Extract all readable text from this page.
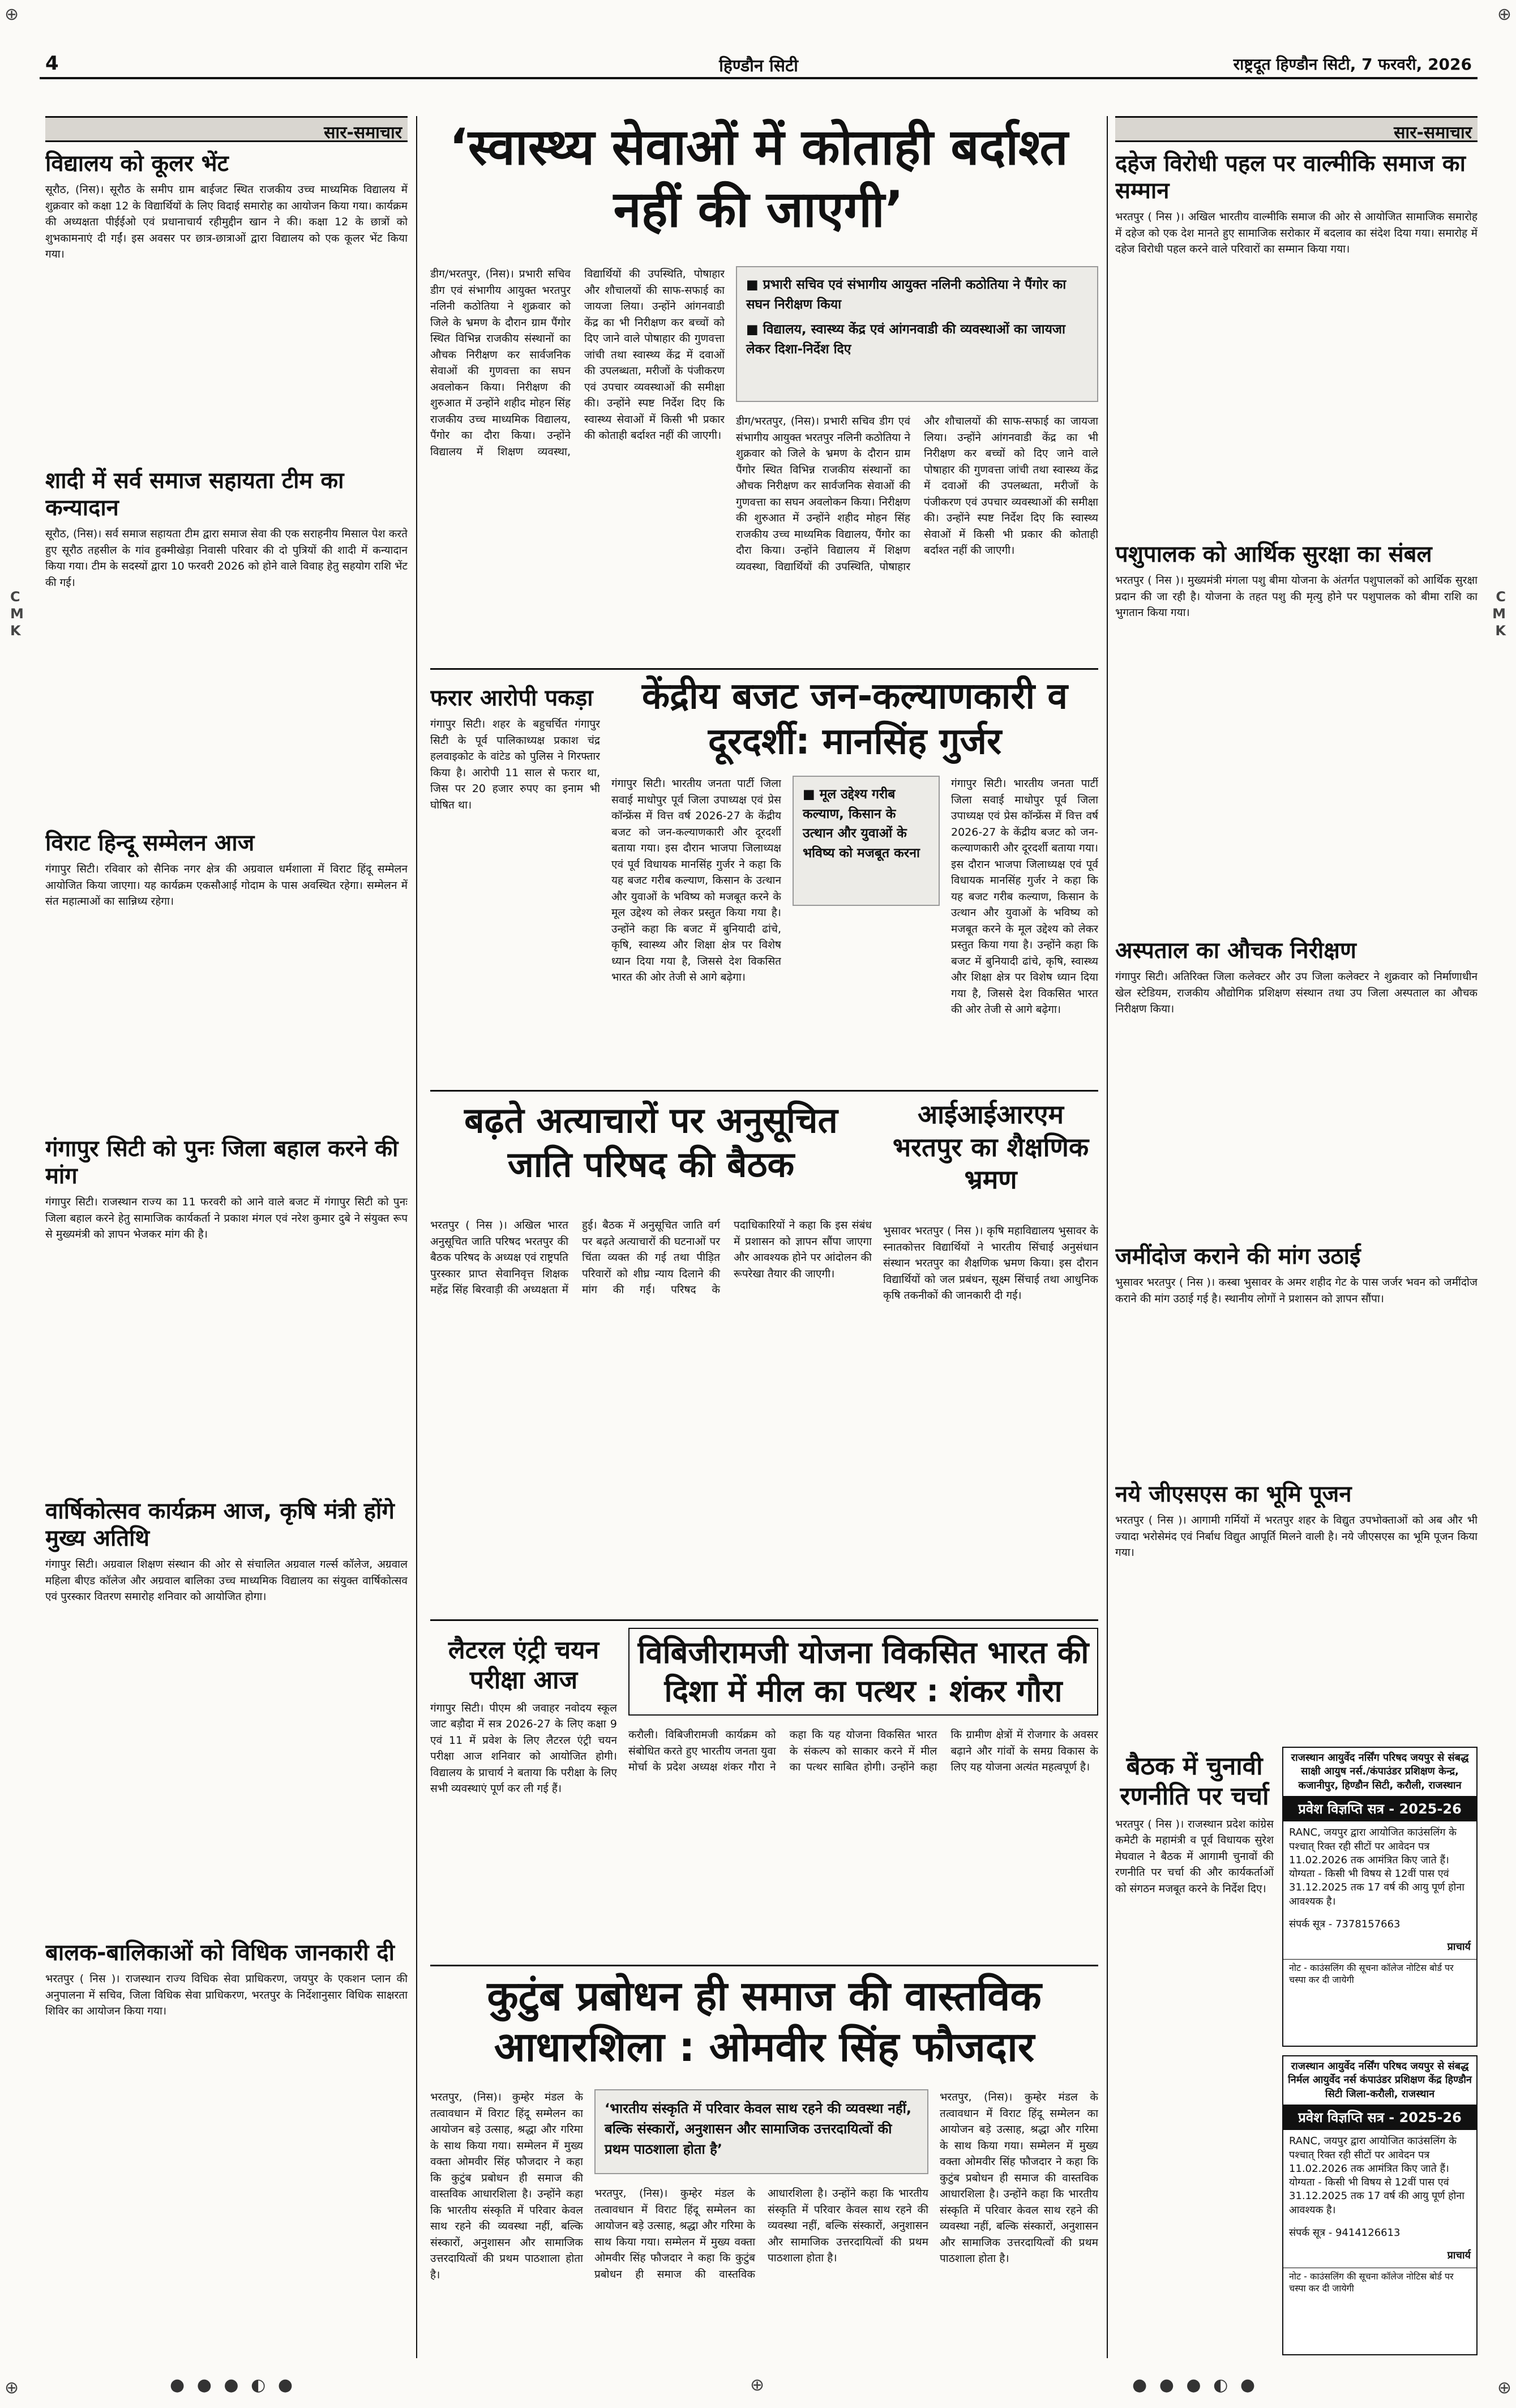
⊕	⊕
⊕	⊕
C
M
K
C
M
K
4	हिण्डौन सिटी	राष्ट्रदूत हिण्डौन सिटी, 7 फरवरी, 2026
सार-समाचार
विद्यालय को कूलर भेंट
सूरौठ, (निस)। सूरौठ के समीप ग्राम बाईजट स्थित राजकीय उच्च माध्यमिक विद्यालय में शुक्रवार को कक्षा 12 के विद्यार्थियों के लिए विदाई समारोह का आयोजन किया गया। कार्यक्रम की अध्यक्षता पीईईओ एवं प्रधानाचार्य रहीमुद्दीन खान ने की। कक्षा 12 के छात्रों को शुभकामनाएं दी गईं। इस अवसर पर छात्र-छात्राओं द्वारा विद्यालय को एक कूलर भेंट किया गया।
शादी में सर्व समाज सहायता टीम का कन्यादान
सूरौठ, (निस)। सर्व समाज सहायता टीम द्वारा समाज सेवा की एक सराहनीय मिसाल पेश करते हुए सूरौठ तहसील के गांव हुक्मीखेड़ा निवासी परिवार की दो पुत्रियों की शादी में कन्यादान किया गया। टीम के सदस्यों द्वारा 10 फरवरी 2026 को होने वाले विवाह हेतु सहयोग राशि भेंट की गई।
विराट हिन्दू सम्मेलन आज
गंगापुर सिटी। रविवार को सैनिक नगर क्षेत्र की अग्रवाल धर्मशाला में विराट हिंदू सम्मेलन आयोजित किया जाएगा। यह कार्यक्रम एकसौआई गोदाम के पास अवस्थित रहेगा। सम्मेलन में संत महात्माओं का सान्निध्य रहेगा।
गंगापुर सिटी को पुनः जिला बहाल करने की मांग
गंगापुर सिटी। राजस्थान राज्य का 11 फरवरी को आने वाले बजट में गंगापुर सिटी को पुनः जिला बहाल करने हेतु सामाजिक कार्यकर्ता ने प्रकाश मंगल एवं नरेश कुमार दुबे ने संयुक्त रूप से मुख्यमंत्री को ज्ञापन भेजकर मांग की है।
वार्षिकोत्सव कार्यक्रम आज, कृषि मंत्री होंगे मुख्य अतिथि
गंगापुर सिटी। अग्रवाल शिक्षण संस्थान की ओर से संचालित अग्रवाल गर्ल्स कॉलेज, अग्रवाल महिला बीएड कॉलेज और अग्रवाल बालिका उच्च माध्यमिक विद्यालय का संयुक्त वार्षिकोत्सव एवं पुरस्कार वितरण समारोह शनिवार को आयोजित होगा।
बालक-बालिकाओं को विधिक जानकारी दी
भरतपुर ( निस )। राजस्थान राज्य विधिक सेवा प्राधिकरण, जयपुर के एकशन प्लान की अनुपालना में सचिव, जिला विधिक सेवा प्राधिकरण, भरतपुर के निर्देशानुसार विधिक साक्षरता शिविर का आयोजन किया गया।
‘स्वास्थ्य सेवाओं में कोताही बर्दाश्त नहीं की जाएगी’
■ प्रभारी सचिव एवं संभागीय आयुक्त नलिनी कठोतिया ने पैंगोर का सघन निरीक्षण किया
■ विद्यालय, स्वास्थ्य केंद्र एवं आंगनवाडी की व्यवस्थाओं का जायजा लेकर दिशा-निर्देश दिए
डीग/भरतपुर, (निस)। प्रभारी सचिव डीग एवं संभागीय आयुक्त भरतपुर नलिनी कठोतिया ने शुक्रवार को जिले के भ्रमण के दौरान ग्राम पैंगोर स्थित विभिन्न राजकीय संस्थानों का औचक निरीक्षण कर सार्वजनिक सेवाओं की गुणवत्ता का सघन अवलोकन किया। निरीक्षण की शुरुआत में उन्होंने शहीद मोहन सिंह राजकीय उच्च माध्यमिक विद्यालय, पैंगोर का दौरा किया। उन्होंने विद्यालय में शिक्षण व्यवस्था, विद्यार्थियों की उपस्थिति, पोषाहार और शौचालयों की साफ-सफाई का जायजा लिया। उन्होंने आंगनवाडी केंद्र का भी निरीक्षण कर बच्चों को दिए जाने वाले पोषाहार की गुणवत्ता जांची तथा स्वास्थ्य केंद्र में दवाओं की उपलब्धता, मरीजों के पंजीकरण एवं उपचार व्यवस्थाओं की समीक्षा की। उन्होंने स्पष्ट निर्देश दिए कि स्वास्थ्य सेवाओं में किसी भी प्रकार की कोताही बर्दाश्त नहीं की जाएगी।
डीग/भरतपुर, (निस)। प्रभारी सचिव डीग एवं संभागीय आयुक्त भरतपुर नलिनी कठोतिया ने शुक्रवार को जिले के भ्रमण के दौरान ग्राम पैंगोर स्थित विभिन्न राजकीय संस्थानों का औचक निरीक्षण कर सार्वजनिक सेवाओं की गुणवत्ता का सघन अवलोकन किया। निरीक्षण की शुरुआत में उन्होंने शहीद मोहन सिंह राजकीय उच्च माध्यमिक विद्यालय, पैंगोर का दौरा किया। उन्होंने विद्यालय में शिक्षण व्यवस्था, विद्यार्थियों की उपस्थिति, पोषाहार और शौचालयों की साफ-सफाई का जायजा लिया। उन्होंने आंगनवाडी केंद्र का भी निरीक्षण कर बच्चों को दिए जाने वाले पोषाहार की गुणवत्ता जांची तथा स्वास्थ्य केंद्र में दवाओं की उपलब्धता, मरीजों के पंजीकरण एवं उपचार व्यवस्थाओं की समीक्षा की। उन्होंने स्पष्ट निर्देश दिए कि स्वास्थ्य सेवाओं में किसी भी प्रकार की कोताही बर्दाश्त नहीं की जाएगी।
फरार आरोपी पकड़ा
गंगापुर सिटी। शहर के बहुचर्चित गंगापुर सिटी के पूर्व पालिकाध्यक्ष प्रकाश चंद्र हलवाइकोट के वांटेड को पुलिस ने गिरफ्तार किया है। आरोपी 11 साल से फरार था, जिस पर 20 हजार रुपए का इनाम भी घोषित था।
केंद्रीय बजट जन-कल्याणकारी व दूरदर्शी: मानसिंह गुर्जर
गंगापुर सिटी। भारतीय जनता पार्टी जिला सवाई माधोपुर पूर्व जिला उपाध्यक्ष एवं प्रेस कॉन्फ्रेंस में वित्त वर्ष 2026-27 के केंद्रीय बजट को जन-कल्याणकारी और दूरदर्शी बताया गया। इस दौरान भाजपा जिलाध्यक्ष एवं पूर्व विधायक मानसिंह गुर्जर ने कहा कि यह बजट गरीब कल्याण, किसान के उत्थान और युवाओं के भविष्य को मजबूत करने के मूल उद्देश्य को लेकर प्रस्तुत किया गया है। उन्होंने कहा कि बजट में बुनियादी ढांचे, कृषि, स्वास्थ्य और शिक्षा क्षेत्र पर विशेष ध्यान दिया गया है, जिससे देश विकसित भारत की ओर तेजी से आगे बढ़ेगा।
■ मूल उद्देश्य गरीब कल्याण, किसान के उत्थान और युवाओं के भविष्य को मजबूत करना
गंगापुर सिटी। भारतीय जनता पार्टी जिला सवाई माधोपुर पूर्व जिला उपाध्यक्ष एवं प्रेस कॉन्फ्रेंस में वित्त वर्ष 2026-27 के केंद्रीय बजट को जन-कल्याणकारी और दूरदर्शी बताया गया। इस दौरान भाजपा जिलाध्यक्ष एवं पूर्व विधायक मानसिंह गुर्जर ने कहा कि यह बजट गरीब कल्याण, किसान के उत्थान और युवाओं के भविष्य को मजबूत करने के मूल उद्देश्य को लेकर प्रस्तुत किया गया है। उन्होंने कहा कि बजट में बुनियादी ढांचे, कृषि, स्वास्थ्य और शिक्षा क्षेत्र पर विशेष ध्यान दिया गया है, जिससे देश विकसित भारत की ओर तेजी से आगे बढ़ेगा।
बढ़ते अत्याचारों पर अनुसूचित जाति परिषद की बैठक
भरतपुर ( निस )। अखिल भारत अनुसूचित जाति परिषद भरतपुर की बैठक परिषद के अध्यक्ष एवं राष्ट्रपति पुरस्कार प्राप्त सेवानिवृत्त शिक्षक महेंद्र सिंह बिरवाड़ी की अध्यक्षता में हुई। बैठक में अनुसूचित जाति वर्ग पर बढ़ते अत्याचारों की घटनाओं पर चिंता व्यक्त की गई तथा पीड़ित परिवारों को शीघ्र न्याय दिलाने की मांग की गई। परिषद के पदाधिकारियों ने कहा कि इस संबंध में प्रशासन को ज्ञापन सौंपा जाएगा और आवश्यक होने पर आंदोलन की रूपरेखा तैयार की जाएगी।
आईआईआरएम भरतपुर का शैक्षणिक भ्रमण
भुसावर भरतपुर ( निस )। कृषि महाविद्यालय भुसावर के स्नातकोत्तर विद्यार्थियों ने भारतीय सिंचाई अनुसंधान संस्थान भरतपुर का शैक्षणिक भ्रमण किया। इस दौरान विद्यार्थियों को जल प्रबंधन, सूक्ष्म सिंचाई तथा आधुनिक कृषि तकनीकों की जानकारी दी गई।
लैटरल एंट्री चयन परीक्षा आज
गंगापुर सिटी। पीएम श्री जवाहर नवोदय स्कूल जाट बड़ौदा में सत्र 2026-27 के लिए कक्षा 9 एवं 11 में प्रवेश के लिए लैटरल एंट्री चयन परीक्षा आज शनिवार को आयोजित होगी। विद्यालय के प्राचार्य ने बताया कि परीक्षा के लिए सभी व्यवस्थाएं पूर्ण कर ली गई हैं।
विबिजीरामजी योजना विकसित भारत की दिशा में मील का पत्थर : शंकर गौरा
करौली। विबिजीरामजी कार्यक्रम को संबोधित करते हुए भारतीय जनता युवा मोर्चा के प्रदेश अध्यक्ष शंकर गौरा ने कहा कि यह योजना विकसित भारत के संकल्प को साकार करने में मील का पत्थर साबित होगी। उन्होंने कहा कि ग्रामीण क्षेत्रों में रोजगार के अवसर बढ़ाने और गांवों के समग्र विकास के लिए यह योजना अत्यंत महत्वपूर्ण है।
कुटुंब प्रबोधन ही समाज की वास्तविक आधारशिला : ओमवीर सिंह फौजदार
भरतपुर, (निस)। कुम्हेर मंडल के तत्वावधान में विराट हिंदू सम्मेलन का आयोजन बड़े उत्साह, श्रद्धा और गरिमा के साथ किया गया। सम्मेलन में मुख्य वक्ता ओमवीर सिंह फौजदार ने कहा कि कुटुंब प्रबोधन ही समाज की वास्तविक आधारशिला है। उन्होंने कहा कि भारतीय संस्कृति में परिवार केवल साथ रहने की व्यवस्था नहीं, बल्कि संस्कारों, अनुशासन और सामाजिक उत्तरदायित्वों की प्रथम पाठशाला होता है।
‘भारतीय संस्कृति में परिवार केवल साथ रहने की व्यवस्था नहीं, बल्कि संस्कारों, अनुशासन और सामाजिक उत्तरदायित्वों की प्रथम पाठशाला होता है’
भरतपुर, (निस)। कुम्हेर मंडल के तत्वावधान में विराट हिंदू सम्मेलन का आयोजन बड़े उत्साह, श्रद्धा और गरिमा के साथ किया गया। सम्मेलन में मुख्य वक्ता ओमवीर सिंह फौजदार ने कहा कि कुटुंब प्रबोधन ही समाज की वास्तविक आधारशिला है। उन्होंने कहा कि भारतीय संस्कृति में परिवार केवल साथ रहने की व्यवस्था नहीं, बल्कि संस्कारों, अनुशासन और सामाजिक उत्तरदायित्वों की प्रथम पाठशाला होता है।
भरतपुर, (निस)। कुम्हेर मंडल के तत्वावधान में विराट हिंदू सम्मेलन का आयोजन बड़े उत्साह, श्रद्धा और गरिमा के साथ किया गया। सम्मेलन में मुख्य वक्ता ओमवीर सिंह फौजदार ने कहा कि कुटुंब प्रबोधन ही समाज की वास्तविक आधारशिला है। उन्होंने कहा कि भारतीय संस्कृति में परिवार केवल साथ रहने की व्यवस्था नहीं, बल्कि संस्कारों, अनुशासन और सामाजिक उत्तरदायित्वों की प्रथम पाठशाला होता है।
सार-समाचार
दहेज विरोधी पहल पर वाल्मीकि समाज का सम्मान
भरतपुर ( निस )। अखिल भारतीय वाल्मीकि समाज की ओर से आयोजित सामाजिक समारोह में दहेज को एक देश मानते हुए सामाजिक सरोकार में बदलाव का संदेश दिया गया। समारोह में दहेज विरोधी पहल करने वाले परिवारों का सम्मान किया गया।
पशुपालक को आर्थिक सुरक्षा का संबल
भरतपुर ( निस )। मुख्यमंत्री मंगला पशु बीमा योजना के अंतर्गत पशुपालकों को आर्थिक सुरक्षा प्रदान की जा रही है। योजना के तहत पशु की मृत्यु होने पर पशुपालक को बीमा राशि का भुगतान किया गया।
अस्पताल का औचक निरीक्षण
गंगापुर सिटी। अतिरिक्त जिला कलेक्टर और उप जिला कलेक्टर ने शुक्रवार को निर्माणाधीन खेल स्टेडियम, राजकीय औद्योगिक प्रशिक्षण संस्थान तथा उप जिला अस्पताल का औचक निरीक्षण किया।
जमींदोज कराने की मांग उठाई
भुसावर भरतपुर ( निस )। कस्बा भुसावर के अमर शहीद गेट के पास जर्जर भवन को जमींदोज कराने की मांग उठाई गई है। स्थानीय लोगों ने प्रशासन को ज्ञापन सौंपा।
नये जीएसएस का भूमि पूजन
भरतपुर ( निस )। आगामी गर्मियों में भरतपुर शहर के विद्युत उपभोक्ताओं को अब और भी ज्यादा भरोसेमंद एवं निर्बाध विद्युत आपूर्ति मिलने वाली है। नये जीएसएस का भूमि पूजन किया गया।
बैठक में चुनावी रणनीति पर चर्चा
भरतपुर ( निस )। राजस्थान प्रदेश कांग्रेस कमेटी के महामंत्री व पूर्व विधायक सुरेश मेघवाल ने बैठक में आगामी चुनावों की रणनीति पर चर्चा की और कार्यकर्ताओं को संगठन मजबूत करने के निर्देश दिए।
राजस्थान आयुर्वेद नर्सिंग परिषद जयपुर से संबद्ध साक्षी आयुष नर्स./कंपाउंडर प्रशिक्षण केन्द्र, कजानीपुर, हिण्डौन सिटी, करौली, राजस्थान
प्रवेश विज्ञप्ति सत्र - 2025-26
RANC, जयपुर द्वारा आयोजित काउंसलिंग के पश्चात् रिक्त रही सीटों पर आवेदन पत्र 11.02.2026 तक आमंत्रित किए जाते हैं। योग्यता - किसी भी विषय से 12वीं पास एवं 31.12.2025 तक 17 वर्ष की आयु पूर्ण होना आवश्यक है।
संपर्क सूत्र - 7378157663
प्राचार्य
नोट - काउंसलिंग की सूचना कॉलेज नोटिस बोर्ड पर चस्पा कर दी जायेगी
राजस्थान आयुर्वेद नर्सिंग परिषद जयपुर से संबद्ध निर्मल आयुर्वेद नर्स कंपाउंडर प्रशिक्षण केंद्र हिण्डौन सिटी जिला-करौली, राजस्थान
प्रवेश विज्ञप्ति सत्र - 2025-26
RANC, जयपुर द्वारा आयोजित काउंसलिंग के पश्चात् रिक्त रही सीटों पर आवेदन पत्र 11.02.2026 तक आमंत्रित किए जाते हैं। योग्यता - किसी भी विषय से 12वीं पास एवं 31.12.2025 तक 17 वर्ष की आयु पूर्ण होना आवश्यक है।
संपर्क सूत्र - 9414126613
प्राचार्य
नोट - काउंसलिंग की सूचना कॉलेज नोटिस बोर्ड पर चस्पा कर दी जायेगी
● ● ● ◐ ●	● ● ● ◐ ●
⊕
